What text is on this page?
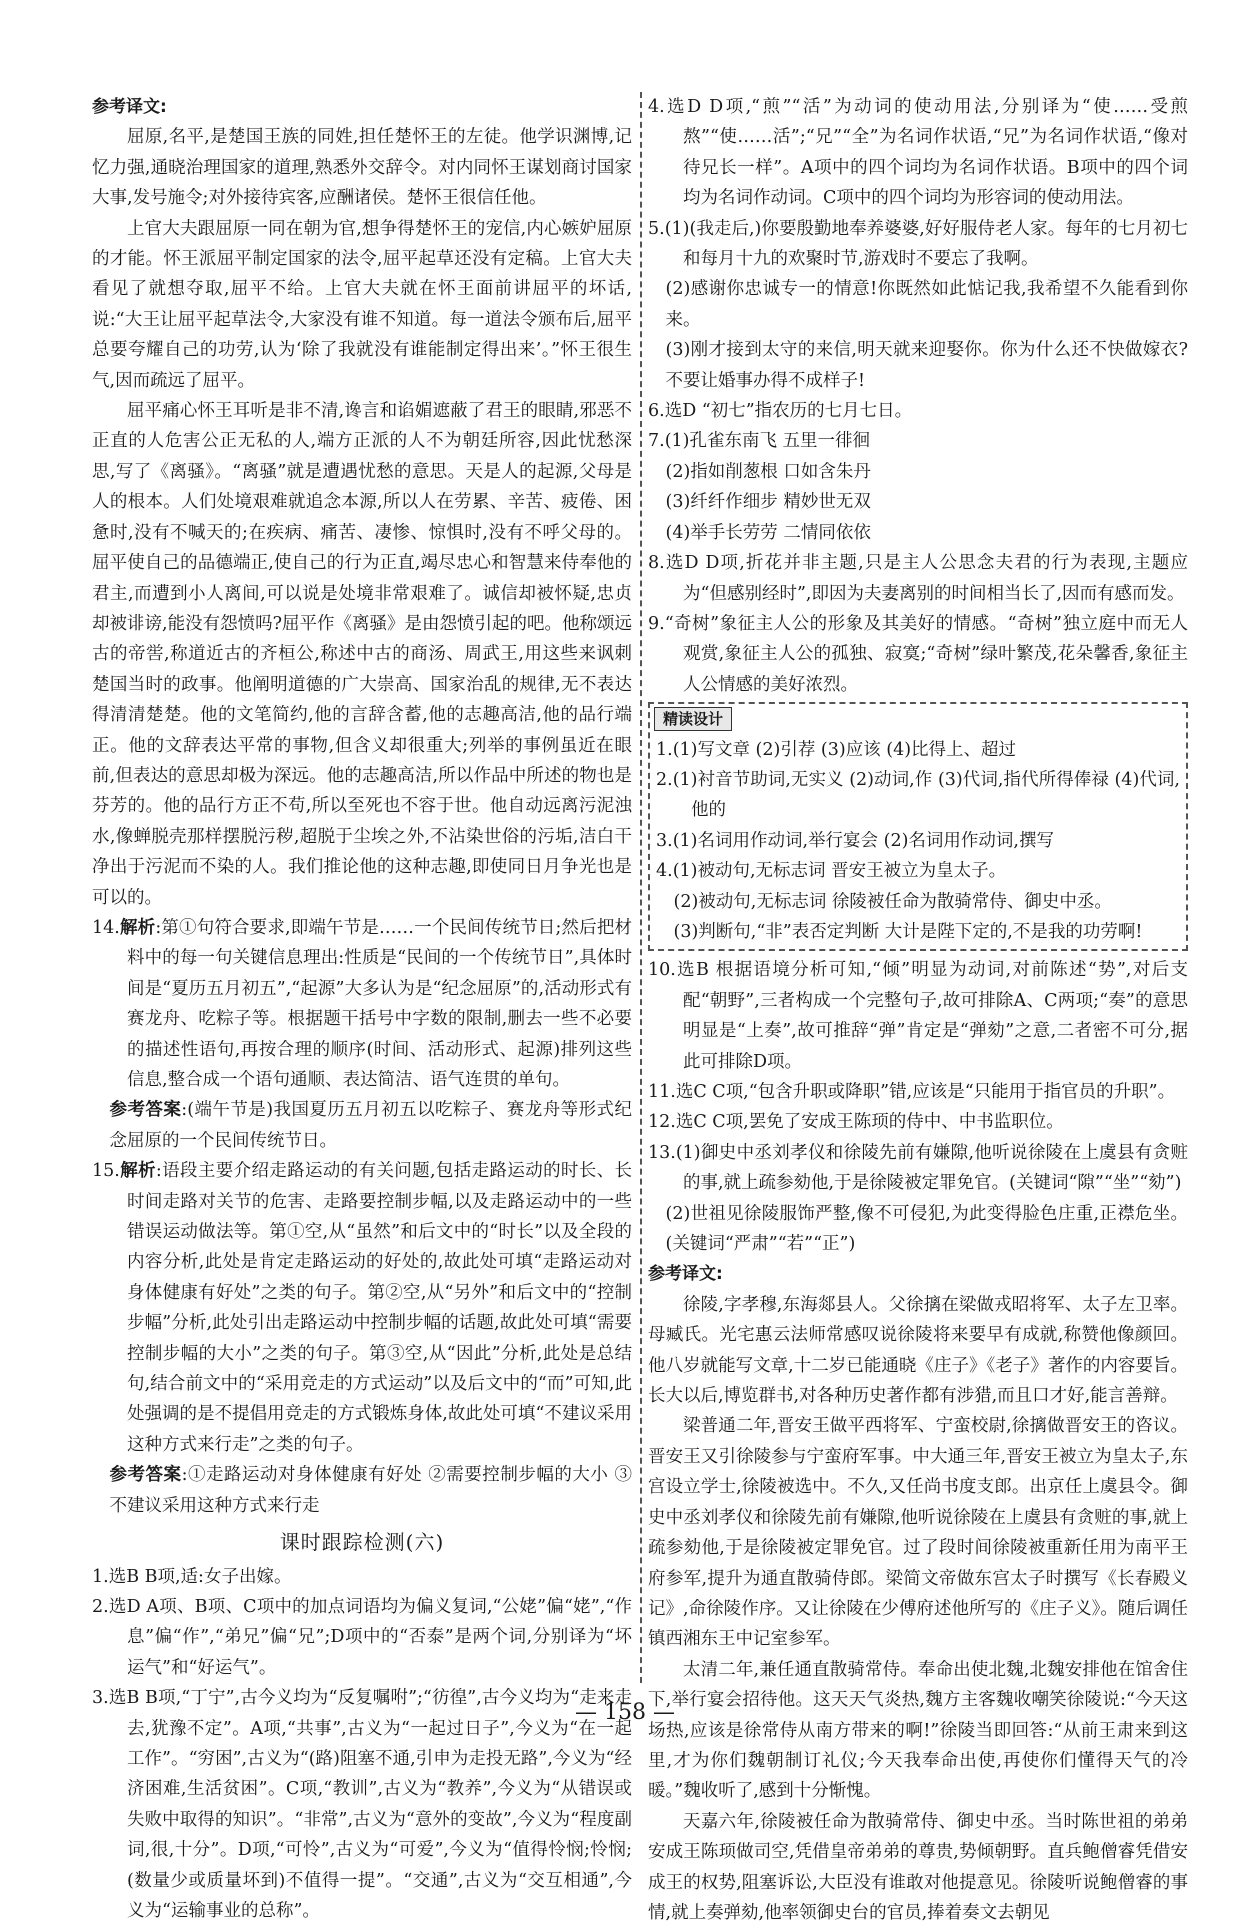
参考译文:

屈原,名平,是楚国王族的同姓,担任楚怀王的左徒。他学识渊博,记忆力强,通晓治理国家的道理,熟悉外交辞令。对内同怀王谋划商讨国家大事,发号施令;对外接待宾客,应酬诸侯。楚怀王很信任他。

上官大夫跟屈原一同在朝为官,想争得楚怀王的宠信,内心嫉妒屈原的才能。怀王派屈平制定国家的法令,屈平起草还没有定稿。上官大夫看见了就想夺取,屈平不给。上官大夫就在怀王面前讲屈平的坏话,说:“大王让屈平起草法令,大家没有谁不知道。每一道法令颁布后,屈平总要夸耀自己的功劳,认为‘除了我就没有谁能制定得出来’。”怀王很生气,因而疏远了屈平。

屈平痛心怀王耳听是非不清,谗言和谄媚遮蔽了君王的眼睛,邪恶不正直的人危害公正无私的人,端方正派的人不为朝廷所容,因此忧愁深思,写了《离骚》。“离骚”就是遭遇忧愁的意思。天是人的起源,父母是人的根本。人们处境艰难就追念本源,所以人在劳累、辛苦、疲倦、困惫时,没有不喊天的;在疾病、痛苦、凄惨、惊惧时,没有不呼父母的。屈平使自己的品德端正,使自己的行为正直,竭尽忠心和智慧来侍奉他的君主,而遭到小人离间,可以说是处境非常艰难了。诚信却被怀疑,忠贞却被诽谤,能没有怨愤吗?屈平作《离骚》是由怨愤引起的吧。他称颂远古的帝喾,称道近古的齐桓公,称述中古的商汤、周武王,用这些来讽刺楚国当时的政事。他阐明道德的广大崇高、国家治乱的规律,无不表达得清清楚楚。他的文笔简约,他的言辞含蓄,他的志趣高洁,他的品行端正。他的文辞表达平常的事物,但含义却很重大;列举的事例虽近在眼前,但表达的意思却极为深远。他的志趣高洁,所以作品中所述的物也是芬芳的。他的品行方正不苟,所以至死也不容于世。他自动远离污泥浊水,像蝉脱壳那样摆脱污秽,超脱于尘埃之外,不沾染世俗的污垢,洁白干净出于污泥而不染的人。我们推论他的这种志趣,即使同日月争光也是可以的。

14.解析:第①句符合要求,即端午节是……一个民间传统节日;然后把材料中的每一句关键信息理出:性质是“民间的一个传统节日”,具体时间是“夏历五月初五”,“起源”大多认为是“纪念屈原”的,活动形式有赛龙舟、吃粽子等。根据题干括号中字数的限制,删去一些不必要的描述性语句,再按合理的顺序(时间、活动形式、起源)排列这些信息,整合成一个语句通顺、表达简洁、语气连贯的单句。

参考答案:(端午节是)我国夏历五月初五以吃粽子、赛龙舟等形式纪念屈原的一个民间传统节日。

15.解析:语段主要介绍走路运动的有关问题,包括走路运动的时长、长时间走路对关节的危害、走路要控制步幅,以及走路运动中的一些错误运动做法等。第①空,从“虽然”和后文中的“时长”以及全段的内容分析,此处是肯定走路运动的好处的,故此处可填“走路运动对身体健康有好处”之类的句子。第②空,从“另外”和后文中的“控制步幅”分析,此处引出走路运动中控制步幅的话题,故此处可填“需要控制步幅的大小”之类的句子。第③空,从“因此”分析,此处是总结句,结合前文中的“采用竞走的方式运动”以及后文中的“而”可知,此处强调的是不提倡用竞走的方式锻炼身体,故此处可填“不建议采用这种方式来行走”之类的句子。

参考答案:①走路运动对身体健康有好处 ②需要控制步幅的大小 ③不建议采用这种方式来行走

课时跟踪检测(六)

1.选B B项,适:女子出嫁。

2.选D A项、B项、C项中的加点词语均为偏义复词,“公姥”偏“姥”,“作息”偏“作”,“弟兄”偏“兄”;D项中的“否泰”是两个词,分别译为“坏运气”和“好运气”。

3.选B B项,“丁宁”,古今义均为“反复嘱咐”;“彷徨”,古今义均为“走来走去,犹豫不定”。A项,“共事”,古义为“一起过日子”,今义为“在一起工作”。“穷困”,古义为“(路)阻塞不通,引申为走投无路”,今义为“经济困难,生活贫困”。C项,“教训”,古义为“教养”,今义为“从错误或失败中取得的知识”。“非常”,古义为“意外的变故”,今义为“程度副词,很,十分”。D项,“可怜”,古义为“可爱”,今义为“值得怜悯;怜悯;(数量少或质量坏到)不值得一提”。“交通”,古义为“交互相通”,今义为“运输事业的总称”。

4.选D D项,“煎”“活”为动词的使动用法,分别译为“使……受煎熬”“使……活”;“兄”“全”为名词作状语,“兄”为名词作状语,“像对待兄长一样”。A项中的四个词均为名词作状语。B项中的四个词均为名词作动词。C项中的四个词均为形容词的使动用法。

5.(1)(我走后,)你要殷勤地奉养婆婆,好好服侍老人家。每年的七月初七和每月十九的欢聚时节,游戏时不要忘了我啊。

(2)感谢你忠诚专一的情意!你既然如此惦记我,我希望不久能看到你来。

(3)刚才接到太守的来信,明天就来迎娶你。你为什么还不快做嫁衣?不要让婚事办得不成样子!

6.选D “初七”指农历的七月七日。

7.(1)孔雀东南飞 五里一徘徊

(2)指如削葱根 口如含朱丹

(3)纤纤作细步 精妙世无双

(4)举手长劳劳 二情同依依

8.选D D项,折花并非主题,只是主人公思念夫君的行为表现,主题应为“但感别经时”,即因为夫妻离别的时间相当长了,因而有感而发。

9.“奇树”象征主人公的形象及其美好的情感。“奇树”独立庭中而无人观赏,象征主人公的孤独、寂寞;“奇树”绿叶繁茂,花朵馨香,象征主人公情感的美好浓烈。

精读设计

1.(1)写文章 (2)引荐 (3)应该 (4)比得上、超过

2.(1)衬音节助词,无实义 (2)动词,作 (3)代词,指代所得俸禄 (4)代词,他的

3.(1)名词用作动词,举行宴会 (2)名词用作动词,撰写

4.(1)被动句,无标志词 晋安王被立为皇太子。

(2)被动句,无标志词 徐陵被任命为散骑常侍、御史中丞。

(3)判断句,“非”表否定判断 大计是陛下定的,不是我的功劳啊!

10.选B 根据语境分析可知,“倾”明显为动词,对前陈述“势”,对后支配“朝野”,三者构成一个完整句子,故可排除A、C两项;“奏”的意思明显是“上奏”,故可推辞“弹”肯定是“弹劾”之意,二者密不可分,据此可排除D项。

11.选C C项,“包含升职或降职”错,应该是“只能用于指官员的升职”。

12.选C C项,罢免了安成王陈顼的侍中、中书监职位。

13.(1)御史中丞刘孝仪和徐陵先前有嫌隙,他听说徐陵在上虞县有贪赃的事,就上疏参劾他,于是徐陵被定罪免官。(关键词“隙”“坐”“劾”)

(2)世祖见徐陵服饰严整,像不可侵犯,为此变得脸色庄重,正襟危坐。(关键词“严肃”“若”“正”)

参考译文:

徐陵,字孝穆,东海郯县人。父徐摛在梁做戎昭将军、太子左卫率。母臧氏。光宅惠云法师常感叹说徐陵将来要早有成就,称赞他像颜回。他八岁就能写文章,十二岁已能通晓《庄子》《老子》著作的内容要旨。长大以后,博览群书,对各种历史著作都有涉猎,而且口才好,能言善辩。

梁普通二年,晋安王做平西将军、宁蛮校尉,徐摛做晋安王的咨议。晋安王又引徐陵参与宁蛮府军事。中大通三年,晋安王被立为皇太子,东宫设立学士,徐陵被选中。不久,又任尚书度支郎。出京任上虞县令。御史中丞刘孝仪和徐陵先前有嫌隙,他听说徐陵在上虞县有贪赃的事,就上疏参劾他,于是徐陵被定罪免官。过了段时间徐陵被重新任用为南平王府参军,提升为通直散骑侍郎。梁简文帝做东宫太子时撰写《长春殿义记》,命徐陵作序。又让徐陵在少傅府述他所写的《庄子义》。随后调任镇西湘东王中记室参军。

太清二年,兼任通直散骑常侍。奉命出使北魏,北魏安排他在馆舍住下,举行宴会招待他。这天天气炎热,魏方主客魏收嘲笑徐陵说:“今天这场热,应该是徐常侍从南方带来的啊!”徐陵当即回答:“从前王肃来到这里,才为你们魏朝制订礼仪;今天我奉命出使,再使你们懂得天气的冷暖。”魏收听了,感到十分惭愧。

天嘉六年,徐陵被任命为散骑常侍、御史中丞。当时陈世祖的弟弟安成王陈顼做司空,凭借皇帝弟弟的尊贵,势倾朝野。直兵鲍僧睿凭借安成王的权势,阻塞诉讼,大臣没有谁敢对他提意见。徐陵听说鲍僧睿的事情,就上奏弹劾,他率领御史台的官员,捧着奏文去朝见

— 158 —
